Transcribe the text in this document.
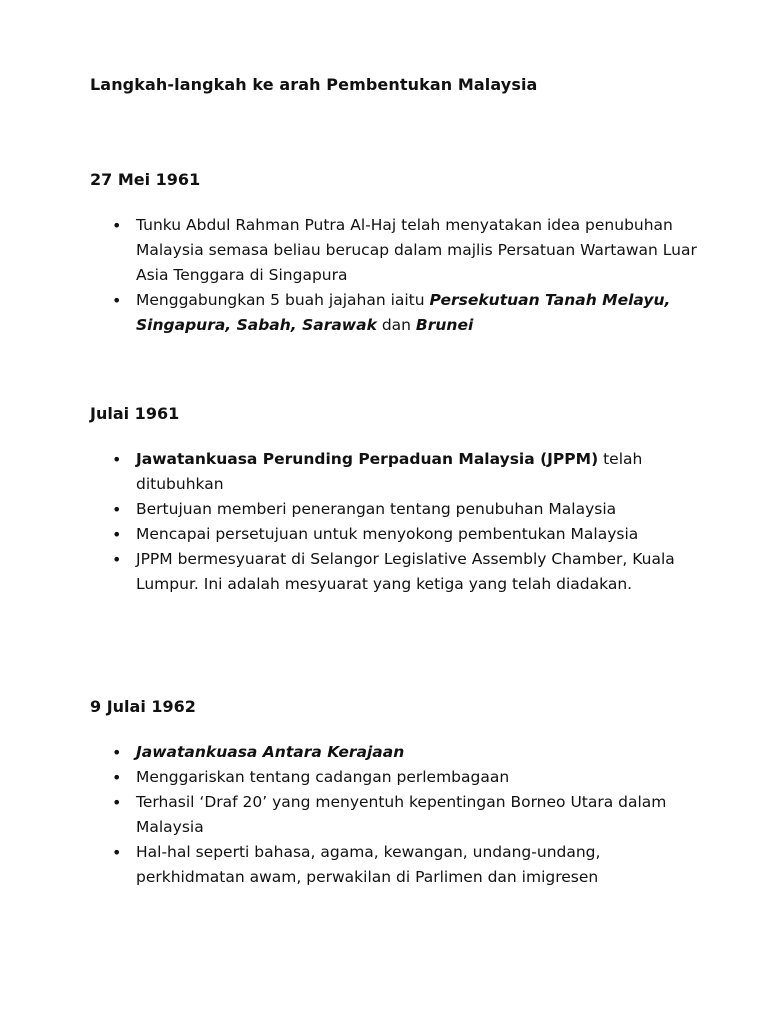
Langkah-langkah ke arah Pembentukan Malaysia
27 Mei 1961
• Tunku Abdul Rahman Putra Al-Haj telah menyatakan idea penubuhan Malaysia semasa beliau berucap dalam majlis Persatuan Wartawan Luar Asia Tenggara di Singapura
• Menggabungkan 5 buah jajahan iaitu Persekutuan Tanah Melayu, Singapura, Sabah, Sarawak dan Brunei
Julai 1961
• Jawatankuasa Perunding Perpaduan Malaysia (JPPM) telah ditubuhkan
• Bertujuan memberi penerangan tentang penubuhan Malaysia
• Mencapai persetujuan untuk menyokong pembentukan Malaysia
• JPPM bermesyuarat di Selangor Legislative Assembly Chamber, Kuala Lumpur. Ini adalah mesyuarat yang ketiga yang telah diadakan.
9 Julai 1962
• Jawatankuasa Antara Kerajaan
• Menggariskan tentang cadangan perlembagaan
• Terhasil ‘Draf 20’ yang menyentuh kepentingan Borneo Utara dalam Malaysia
• Hal-hal seperti bahasa, agama, kewangan, undang-undang, perkhidmatan awam, perwakilan di Parlimen dan imigresen
